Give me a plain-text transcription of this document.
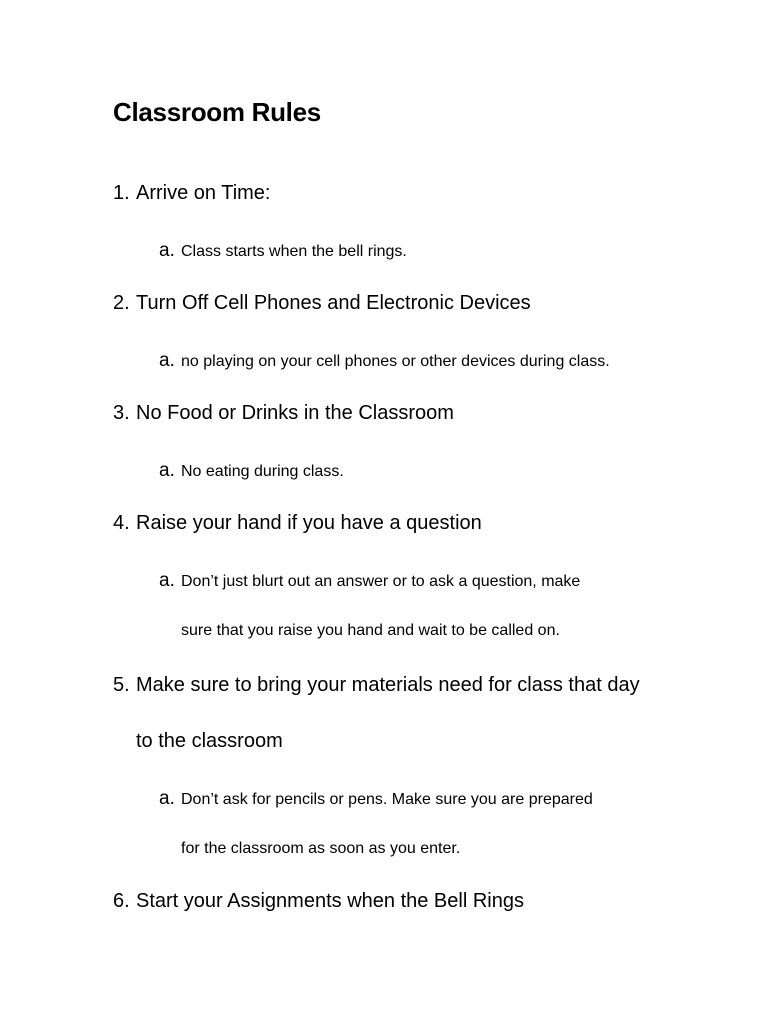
Classroom Rules
1. Arrive on Time:
a. Class starts when the bell rings.
2. Turn Off Cell Phones and Electronic Devices
a. no playing on your cell phones or other devices during class.
3. No Food or Drinks in the Classroom
a. No eating during class.
4. Raise your hand if you have a question
a. Don’t just blurt out an answer or to ask a question, make
sure that you raise you hand and wait to be called on.
5. Make sure to bring your materials need for class that day
to the classroom
a. Don’t ask for pencils or pens. Make sure you are prepared
for the classroom as soon as you enter.
6. Start your Assignments when the Bell Rings
